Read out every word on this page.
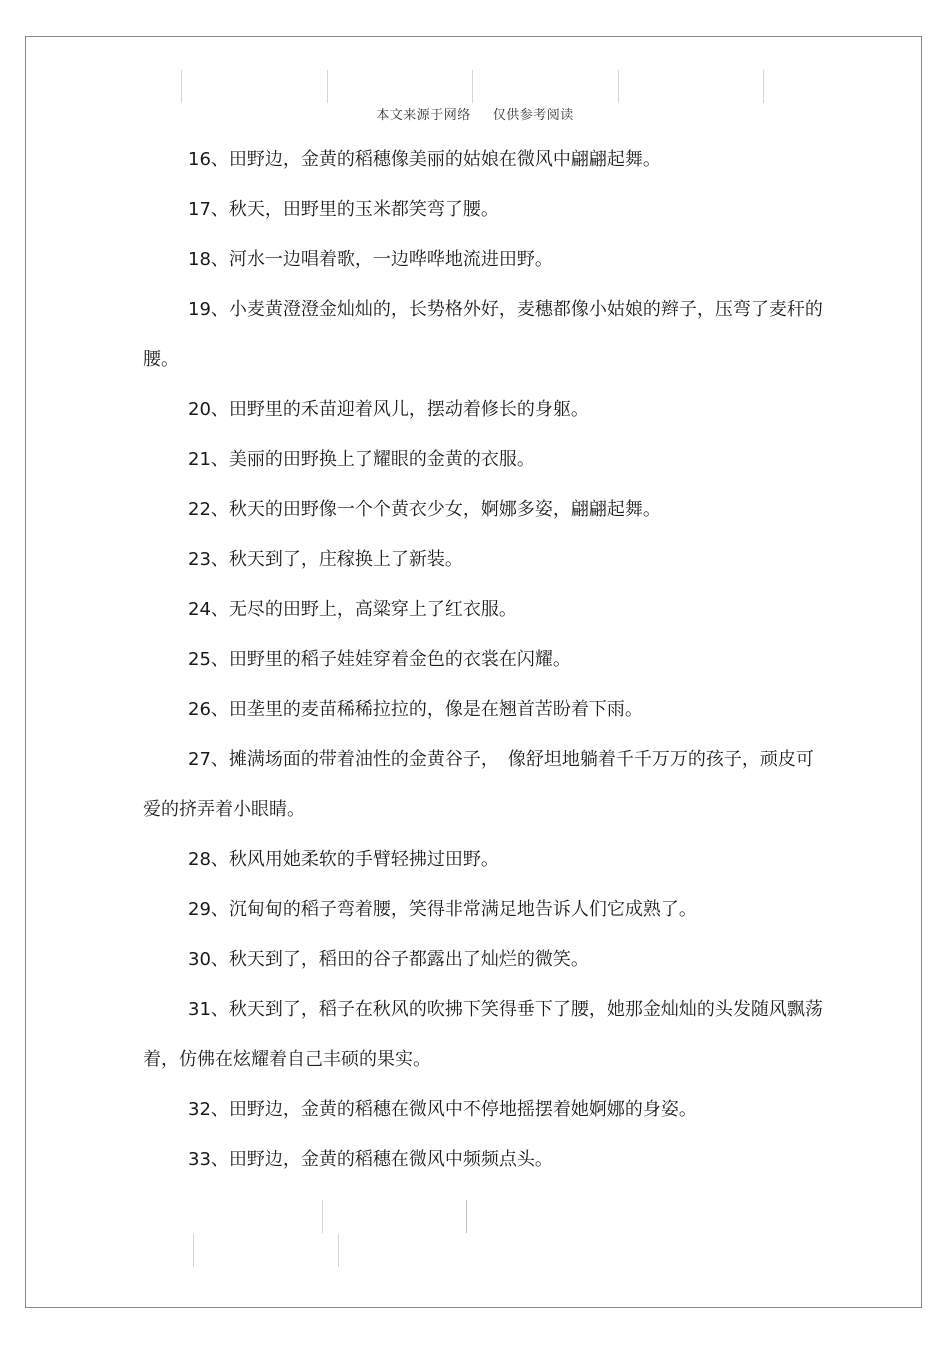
本文来源于网络 仅供参考阅读

16、田野边，金黄的稻穗像美丽的姑娘在微风中翩翩起舞。

17、秋天，田野里的玉米都笑弯了腰。

18、河水一边唱着歌，一边哗哗地流进田野。

19、小麦黄澄澄金灿灿的，长势格外好，麦穗都像小姑娘的辫子，压弯了麦秆的腰。

20、田野里的禾苗迎着风儿，摆动着修长的身躯。

21、美丽的田野换上了耀眼的金黄的衣服。

22、秋天的田野像一个个黄衣少女，婀娜多姿，翩翩起舞。

23、秋天到了，庄稼换上了新装。

24、无尽的田野上，高粱穿上了红衣服。

25、田野里的稻子娃娃穿着金色的衣裳在闪耀。

26、田垄里的麦苗稀稀拉拉的，像是在翘首苦盼着下雨。

27、摊满场面的带着油性的金黄谷子，　像舒坦地躺着千千万万的孩子，顽皮可爱的挤弄着小眼睛。

28、秋风用她柔软的手臂轻拂过田野。

29、沉甸甸的稻子弯着腰，笑得非常满足地告诉人们它成熟了。

30、秋天到了，稻田的谷子都露出了灿烂的微笑。

31、秋天到了，稻子在秋风的吹拂下笑得垂下了腰，她那金灿灿的头发随风飘荡着，仿佛在炫耀着自己丰硕的果实。

32、田野边，金黄的稻穗在微风中不停地摇摆着她婀娜的身姿。

33、田野边，金黄的稻穗在微风中频频点头。
